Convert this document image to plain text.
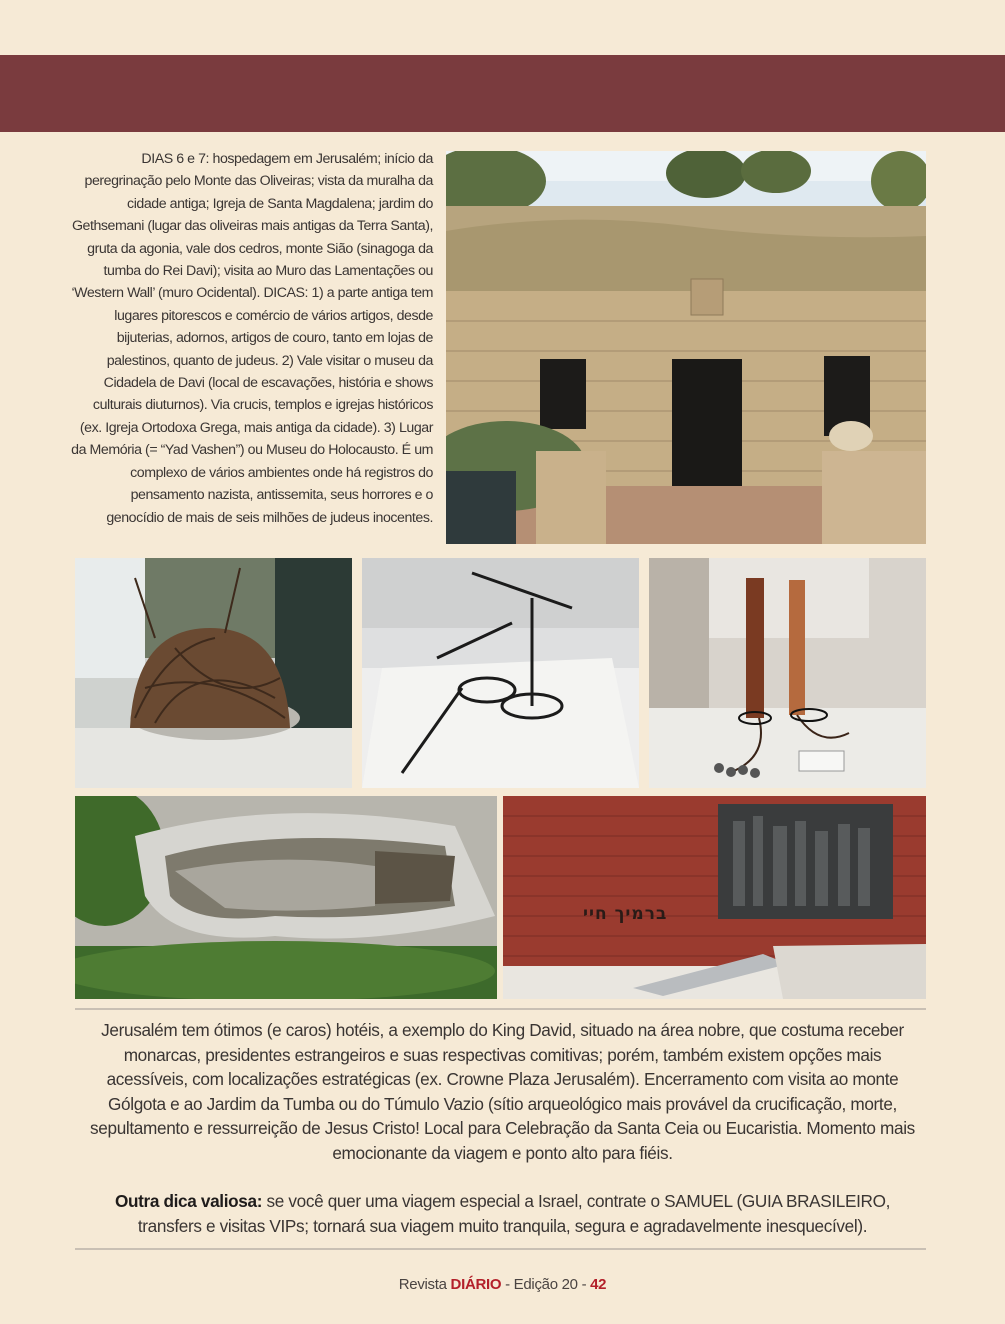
DIAS 6 e 7: hospedagem em Jerusalém; início da peregrinação pelo Monte das Oliveiras; vista da muralha da cidade antiga; Igreja de Santa Magdalena; jardim do Gethsemani (lugar das oliveiras mais antigas da Terra Santa), gruta da agonia, vale dos cedros, monte Sião (sinagoga da tumba do Rei Davi); visita ao Muro das Lamentações ou ‘Western Wall’ (muro Ocidental). DICAS: 1) a parte antiga tem lugares pitorescos e comércio de vários artigos, desde bijuterias, adornos, artigos de couro, tanto em lojas de palestinos, quanto de judeus. 2) Vale visitar o museu da Cidadela de Davi (local de escavações, história e shows culturais diuturnos). Via crucis, templos e igrejas históricos (ex. Igreja Ortodoxa Grega, mais antiga da cidade). 3) Lugar da Memória (= “Yad Vashen”) ou Museu do Holocausto. É um complexo de vários ambientes onde há registros do pensamento nazista, antissemita, seus horrores e o genocídio de mais de seis milhões de judeus inocentes.
ברמיך חיי
Jerusalém tem ótimos (e caros) hotéis, a exemplo do King David, situado na área nobre, que costuma receber monarcas, presidentes estrangeiros e suas respectivas comitivas; porém, também existem opções mais acessíveis, com localizações estratégicas (ex. Crowne Plaza Jerusalém). Encerramento com visita ao monte Gólgota e ao Jardim da Tumba ou do Túmulo Vazio (sítio arqueológico mais provável da crucificação, morte, sepultamento e ressurreição de Jesus Cristo! Local para Celebração da Santa Ceia ou Eucaristia. Momento mais emocionante da viagem e ponto alto para fiéis.
Outra dica valiosa: se você quer uma viagem especial a Israel, contrate o SAMUEL (GUIA BRASILEIRO, transfers e visitas VIPs; tornará sua viagem muito tranquila, segura e agradavelmente inesquecível).
Revista DIÁRIO - Edição 20 - 42
